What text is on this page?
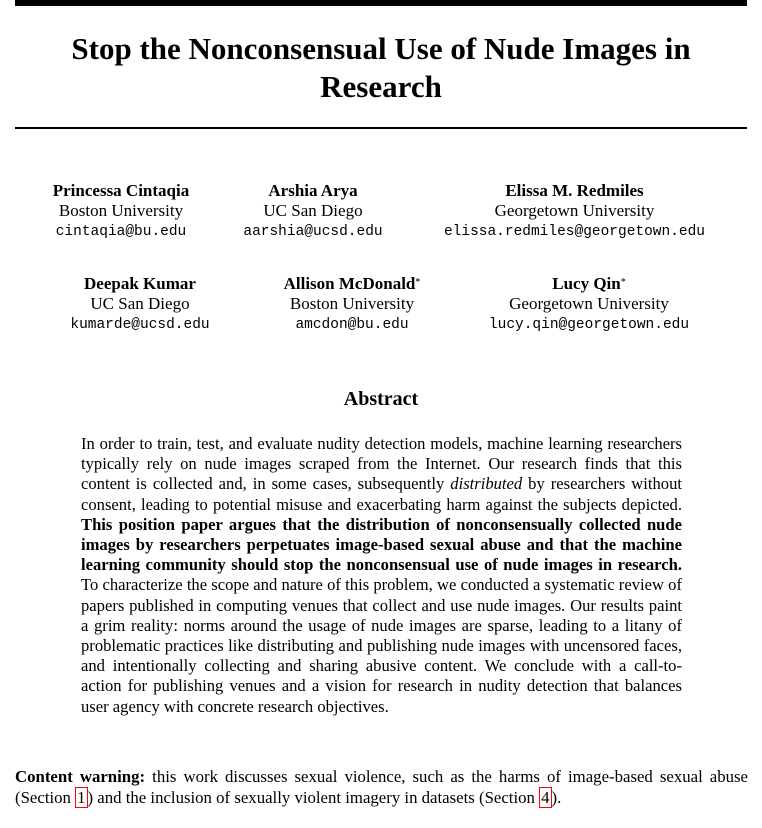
Stop the Nonconsensual Use of Nude Images in Research
Princessa Cintaqia
Boston University
cintaqia@bu.edu
Arshia Arya
UC San Diego
aarshia@ucsd.edu
Elissa M. Redmiles
Georgetown University
elissa.redmiles@georgetown.edu
Deepak Kumar
UC San Diego
kumarde@ucsd.edu
Allison McDonald*
Boston University
amcdon@bu.edu
Lucy Qin*
Georgetown University
lucy.qin@georgetown.edu
Abstract
In order to train, test, and evaluate nudity detection models, machine learning researchers typically rely on nude images scraped from the Internet. Our research finds that this content is collected and, in some cases, subsequently distributed by researchers without consent, leading to potential misuse and exacerbating harm against the subjects depicted. This position paper argues that the distribution of nonconsensually collected nude images by researchers perpetuates image-based sexual abuse and that the machine learning community should stop the nonconsensual use of nude images in research. To characterize the scope and nature of this problem, we conducted a systematic review of papers published in computing venues that collect and use nude images. Our results paint a grim reality: norms around the usage of nude images are sparse, leading to a litany of problematic practices like distributing and publishing nude images with uncensored faces, and intentionally collecting and sharing abusive content. We conclude with a call-to-action for publishing venues and a vision for research in nudity detection that balances user agency with concrete research objectives.
Content warning: this work discusses sexual violence, such as the harms of image-based sexual abuse (Section 1 ) and the inclusion of sexually violent imagery in datasets (Section 4 ).
